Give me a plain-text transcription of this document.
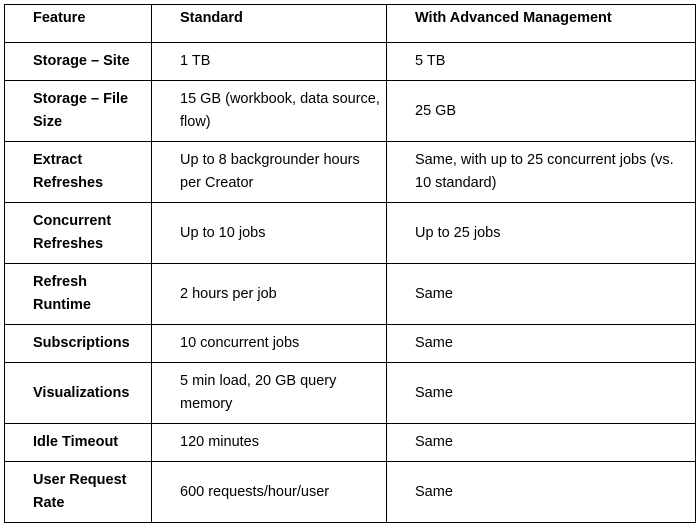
Feature	Standard	With Advanced Management
Storage – Site	1 TB	5 TB
Storage – File Size	15 GB (workbook, data source, flow)	25 GB
Extract Refreshes	Up to 8 backgrounder hours per Creator	Same, with up to 25 concurrent jobs (vs. 10 standard)
Concurrent Refreshes	Up to 10 jobs	Up to 25 jobs
Refresh Runtime	2 hours per job	Same
Subscriptions	10 concurrent jobs	Same
Visualizations	5 min load, 20 GB query memory	Same
Idle Timeout	120 minutes	Same
User Request Rate	600 requests/hour/user	Same
